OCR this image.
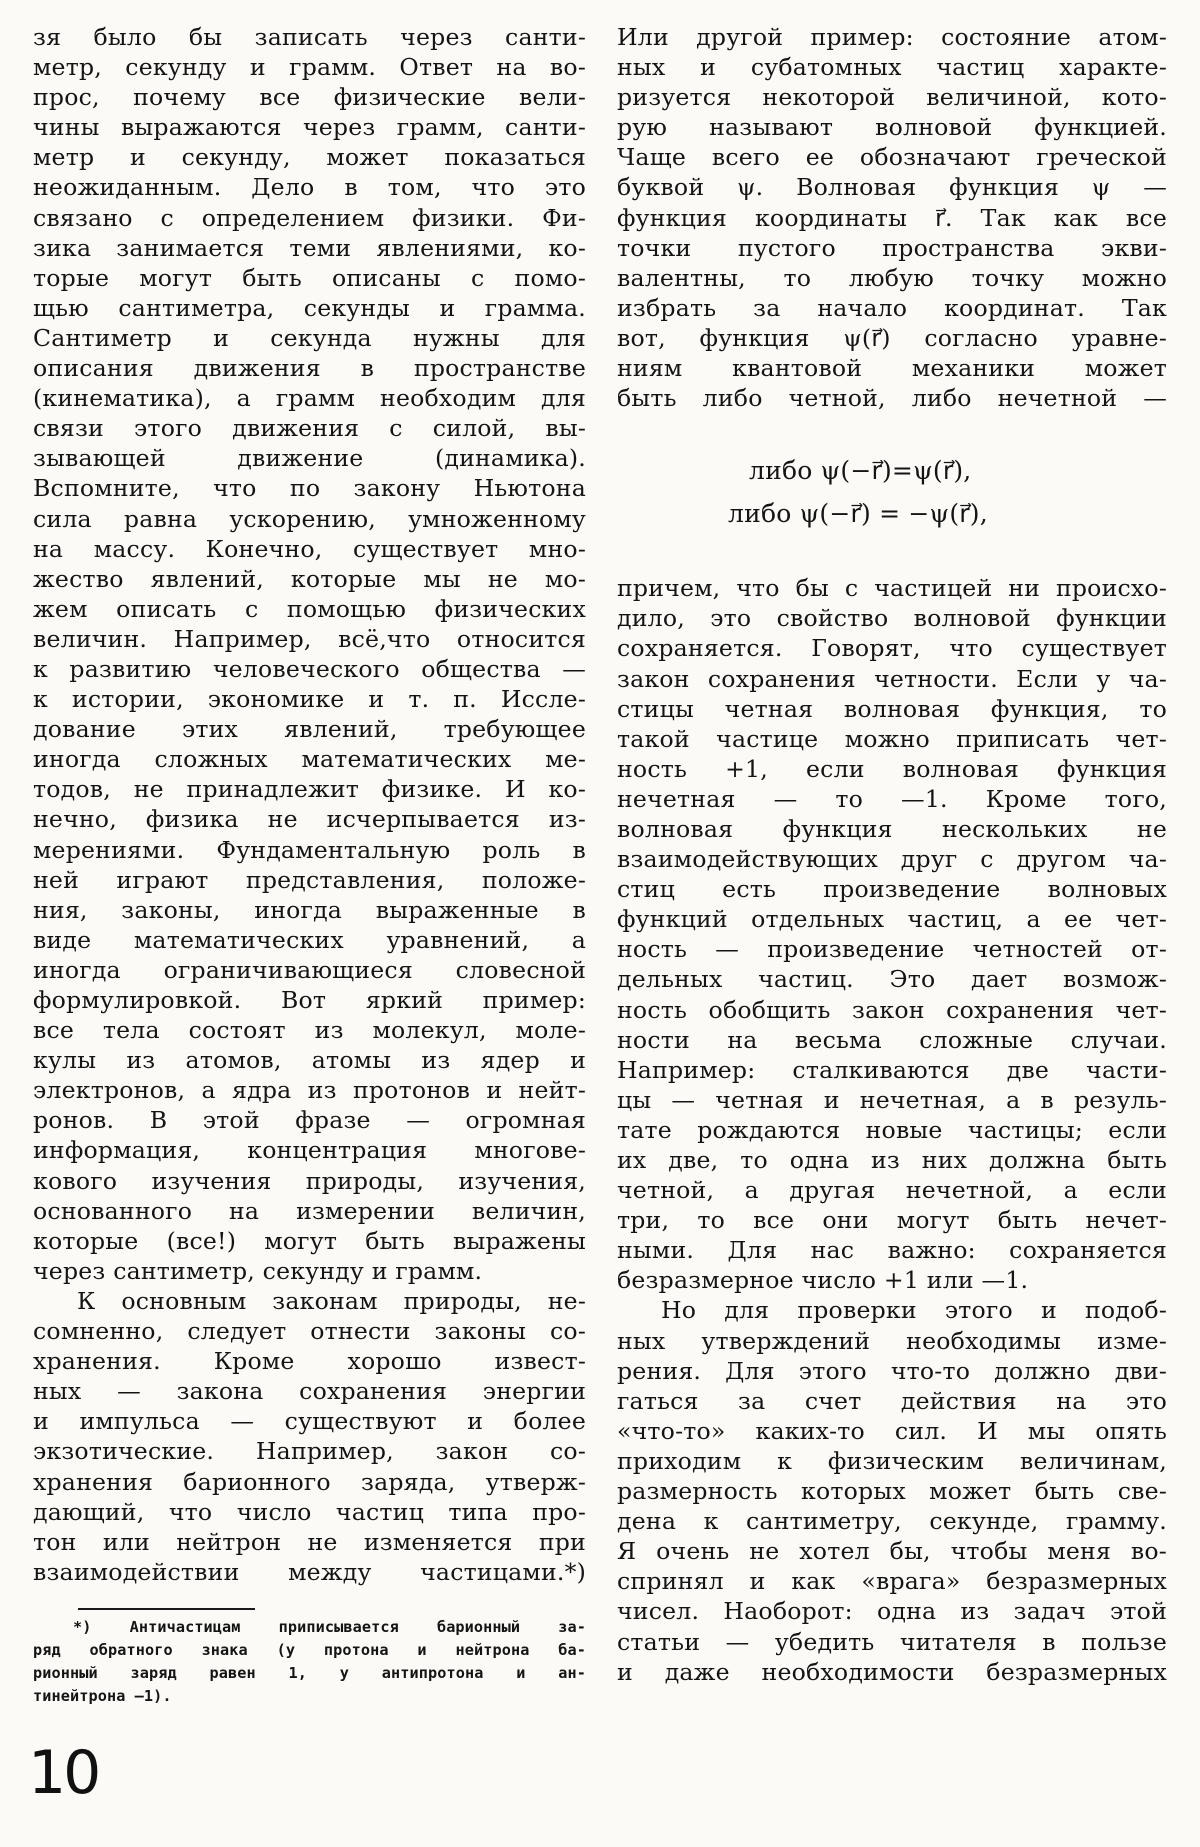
зя было бы записать через санти-

метр, секунду и грамм. Ответ на во-

прос, почему все физические вели-

чины выражаются через грамм, санти-

метр и секунду, может показаться

неожиданным. Дело в том, что это

связано с определением физики. Фи-

зика занимается теми явлениями, ко-

торые могут быть описаны с помо-

щью сантиметра, секунды и грамма.

Сантиметр и секунда нужны для

описания движения в пространстве

(кинематика), а грамм необходим для

связи этого движения с силой, вы-

зывающей движение (динамика).

Вспомните, что по закону Ньютона

сила равна ускорению, умноженному

на массу. Конечно, существует мно-

жество явлений, которые мы не мо-

жем описать с помощью физических

величин. Например, всё,что относится

к развитию человеческого общества —

к истории, экономике и т. п. Иссле-

дование этих явлений, требующее

иногда сложных математических ме-

тодов, не принадлежит физике. И ко-

нечно, физика не исчерпывается из-

мерениями. Фундаментальную роль в

ней играют представления, положе-

ния, законы, иногда выраженные в

виде математических уравнений, а

иногда ограничивающиеся словесной

формулировкой. Вот яркий пример:

все тела состоят из молекул, моле-

кулы из атомов, атомы из ядер и

электронов, а ядра из протонов и нейт-

ронов. В этой фразе — огромная

информация, концентрация многове-

кового изучения природы, изучения,

основанного на измерении величин,

которые (все!) могут быть выражены

через сантиметр, секунду и грамм.

К основным законам природы, не-

сомненно, следует отнести законы со-

хранения. Кроме хорошо извест-

ных — закона сохранения энергии

и импульса — существуют и более

экзотические. Например, закон со-

хранения барионного заряда, утверж-

дающий, что число частиц типа про-

тон или нейтрон не изменяется при

взаимодействии между частицами.*)

*) Античастицам приписывается барионный за-

ряд обратного знака (у протона и нейтрона ба-

рионный заряд равен 1, у антипротона и ан-

тинейтрона —1).

Или другой пример: состояние атом-

ных и субатомных частиц характе-

ризуется некоторой величиной, кото-

рую называют волновой функцией.

Чаще всего ее обозначают греческой

буквой ψ. Волновая функция ψ —

функция координаты r⃗. Так как все

точки пустого пространства экви-

валентны, то любую точку можно

избрать за начало координат. Так

вот, функция ψ(r⃗) согласно уравне-

ниям квантовой механики может

быть либо четной, либо нечетной —

либо ψ(−r⃗)=ψ(r⃗),
либо ψ(−r⃗) = −ψ(r⃗),

причем, что бы с частицей ни происхо-

дило, это свойство волновой функции

сохраняется. Говорят, что существует

закон сохранения четности. Если у ча-

стицы четная волновая функция, то

такой частице можно приписать чет-

ность +1, если волновая функция

нечетная — то —1. Кроме того,

волновая функция нескольких не

взаимодействующих друг с другом ча-

стиц есть произведение волновых

функций отдельных частиц, а ее чет-

ность — произведение четностей от-

дельных частиц. Это дает возмож-

ность обобщить закон сохранения чет-

ности на весьма сложные случаи.

Например: сталкиваются две части-

цы — четная и нечетная, а в резуль-

тате рождаются новые частицы; если

их две, то одна из них должна быть

четной, а другая нечетной, а если

три, то все они могут быть нечет-

ными. Для нас важно: сохраняется

безразмерное число +1 или —1.

Но для проверки этого и подоб-

ных утверждений необходимы изме-

рения. Для этого что-то должно дви-

гаться за счет действия на это

«что-то» каких-то сил. И мы опять

приходим к физическим величинам,

размерность которых может быть све-

дена к сантиметру, секунде, грамму.

Я очень не хотел бы, чтобы меня во-

спринял и как «врага» безразмерных

чисел. Наоборот: одна из задач этой

статьи — убедить читателя в пользе

и даже необходимости безразмерных

10
